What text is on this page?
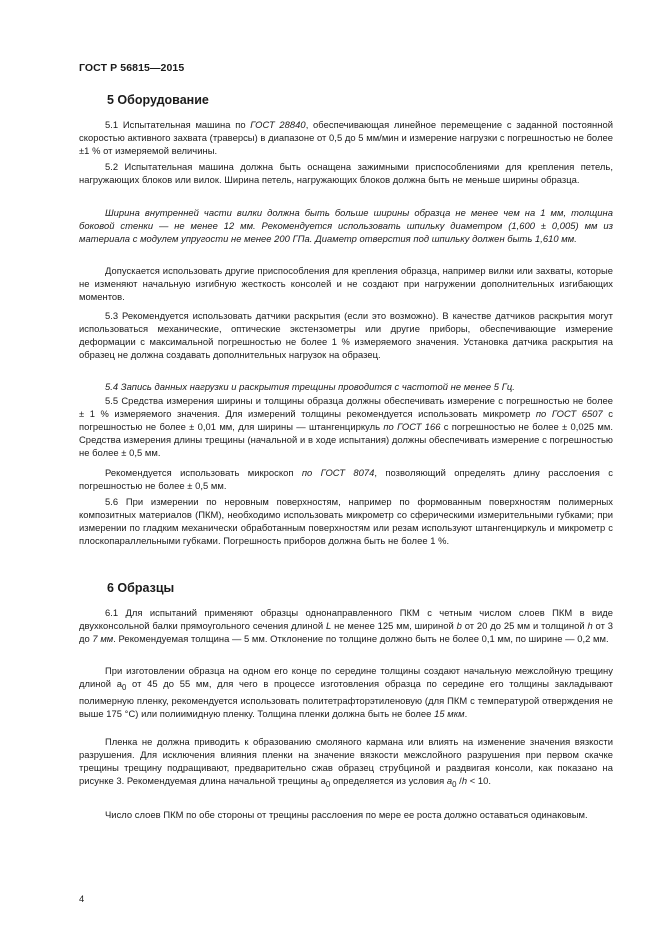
ГОСТ Р 56815—2015
5 Оборудование

5.1 Испытательная машина по ГОСТ 28840, обеспечивающая линейное перемещение с заданной постоянной скоростью активного захвата (траверсы) в диапазоне от 0,5 до 5 мм/мин и измерение нагрузки с погрешностью не более ±1 % от измеряемой величины.

5.2 Испытательная машина должна быть оснащена зажимными приспособлениями для крепления петель, нагружающих блоков или вилок. Ширина петель, нагружающих блоков должна быть не меньше ширины образца.

Ширина внутренней части вилки должна быть больше ширины образца не менее чем на 1 мм, толщина боковой стенки — не менее 12 мм. Рекомендуется использовать шпильку диаметром (1,600 ± 0,005) мм из материала с модулем упругости не менее 200 ГПа. Диаметр отверстия под шпильку должен быть 1,610 мм.

Допускается использовать другие приспособления для крепления образца, например вилки или захваты, которые не изменяют начальную изгибную жесткость консолей и не создают при нагружении дополнительных изгибающих моментов.

5.3 Рекомендуется использовать датчики раскрытия (если это возможно). В качестве датчиков раскрытия могут использоваться механические, оптические экстензометры или другие приборы, обеспечивающие измерение деформации с максимальной погрешностью не более 1 % измеряемого значения. Установка датчика раскрытия на образец не должна создавать дополнительных нагрузок на образец.

5.4 Запись данных нагрузки и раскрытия трещины проводится с частотой не менее 5 Гц.

5.5 Средства измерения ширины и толщины образца должны обеспечивать измерение с погрешностью не более ± 1 % измеряемого значения. Для измерений толщины рекомендуется использовать микрометр по ГОСТ 6507 с погрешностью не более ± 0,01 мм, для ширины — штангенциркуль по ГОСТ 166 с погрешностью не более ± 0,025 мм. Средства измерения длины трещины (начальной и в ходе испытания) должны обеспечивать измерение с погрешностью не более ± 0,5 мм.

Рекомендуется использовать микроскоп по ГОСТ 8074, позволяющий определять длину расслоения с погрешностью не более ± 0,5 мм.

5.6 При измерении по неровным поверхностям, например по формованным поверхностям полимерных композитных материалов (ПКМ), необходимо использовать микрометр со сферическими измерительными губками; при измерении по гладким механически обработанным поверхностям или резам используют штангенциркуль и микрометр с плоскопараллельными губками. Погрешность приборов должна быть не более 1 %.

6 Образцы

6.1 Для испытаний применяют образцы однонаправленного ПКМ с четным числом слоев ПКМ в виде двухконсольной балки прямоугольного сечения длиной L не менее 125 мм, шириной b от 20 до 25 мм и толщиной h от 3 до 7 мм. Рекомендуемая толщина — 5 мм. Отклонение по толщине должно быть не более 0,1 мм, по ширине — 0,2 мм.

При изготовлении образца на одном его конце по середине толщины создают начальную межслойную трещину длиной $a_0$ от 45 до 55 мм, для чего в процессе изготовления образца по середине его толщины закладывают полимерную пленку, рекомендуется использовать политетрафторэтиленовую (для ПКМ с температурой отверждения не выше 175 °С) или полиимидную пленку. Толщина пленки должна быть не более 15 мкм.

Пленка не должна приводить к образованию смоляного кармана или влиять на изменение значения вязкости разрушения. Для исключения влияния пленки на значение вязкости межслойного разрушения при первом скачке трещины трещину подращивают, предварительно сжав образец струбциной и раздвигая консоли, как показано на рисунке 3. Рекомендуемая длина начальной трещины $a_0$ определяется из условия $a_0$ /h < 10.

Число слоев ПКМ по обе стороны от трещины расслоения по мере ее роста должно оставаться одинаковым.

4
